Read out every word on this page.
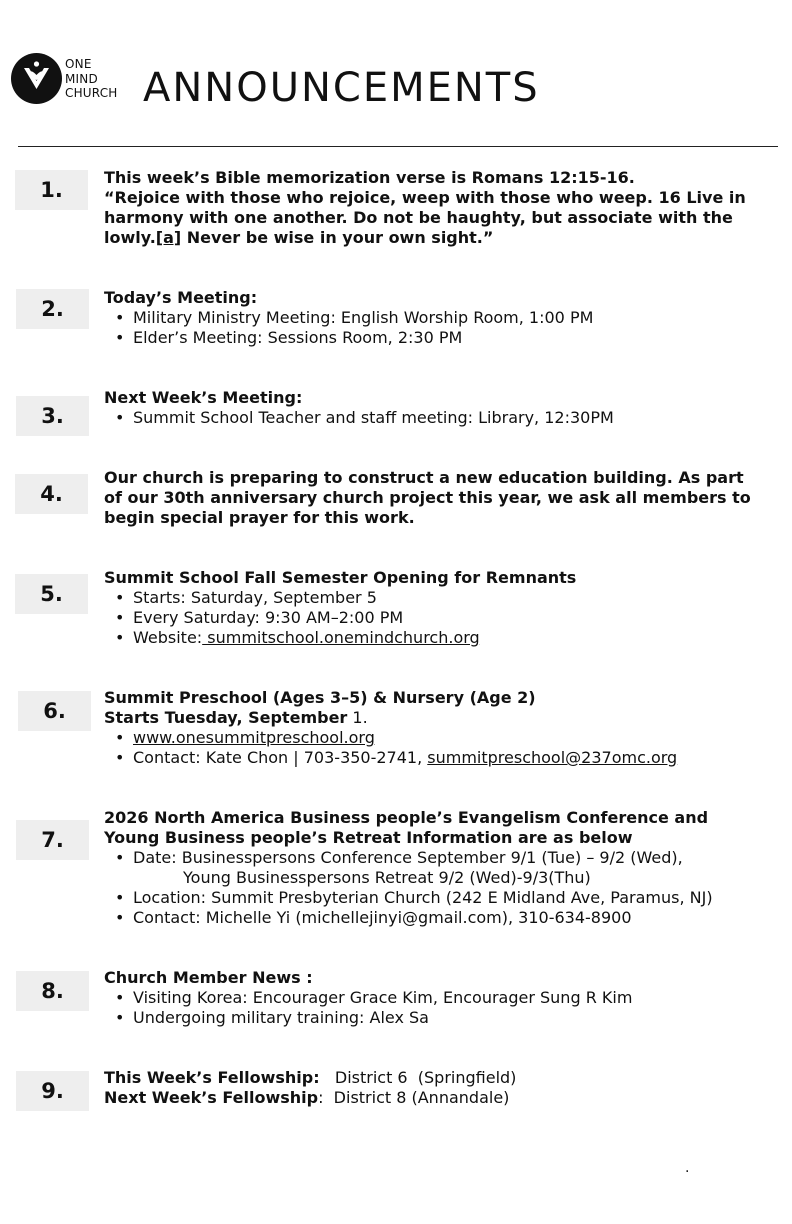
ONE
MIND
CHURCH ANNOUNCEMENTS
1.

This week’s Bible memorization verse is Romans 12:15-16.

“Rejoice with those who rejoice, weep with those who weep. 16 Live in harmony with one another. Do not be haughty, but associate with the lowly.[a] Never be wise in your own sight.”

2.	Today’s Meeting:

• Military Ministry Meeting: English Worship Room, 1:00 PM
• Elder’s Meeting: Sessions Room, 2:30 PM
3.

Next Week’s Meeting:

• Summit School Teacher and staff meeting: Library, 12:30PM
4.

Our church is preparing to construct a new education building. As part of our 30th anniversary church project this year, we ask all members to begin special prayer for this work.

5.

Summit School Fall Semester Opening for Remnants

• Starts: Saturday, September 5
• Every Saturday: 9:30 AM–2:00 PM
• Website: summitschool.onemindchurch.org
6.

Summit Preschool (Ages 3–5) & Nursery (Age 2)

Starts Tuesday, September 1.

• www.onesummitpreschool.org
• Contact: Kate Chon | 703-350-2741, summitpreschool@237omc.org
7.

2026 North America Business people’s Evangelism Conference and

Young Business people’s Retreat Information are as below

• Date: Businesspersons Conference September 9/1 (Tue) – 9/2 (Wed),
Young Businesspersons Retreat 9/2 (Wed)-9/3(Thu)
• Location: Summit Presbyterian Church (242 E Midland Ave, Paramus, NJ)
• Contact: Michelle Yi (michellejinyi@gmail.com), 310-634-8900
8.

Church Member News :

• Visiting Korea: Encourager Grace Kim, Encourager Sung R Kim
• Undergoing military training: Alex Sa
9.

This Week’s Fellowship:   District 6  (Springfield)

Next Week’s Fellowship:  District 8 (Annandale)

.
